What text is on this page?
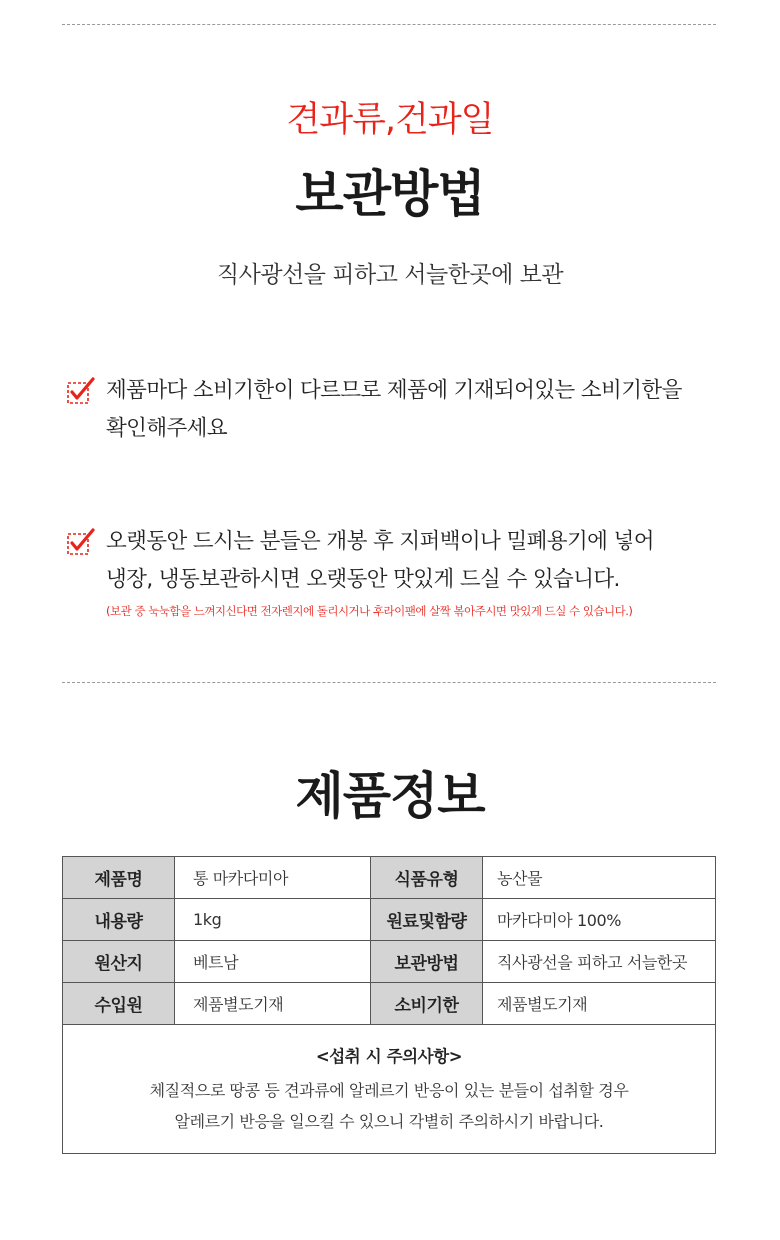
견과류,건과일
보관방법
직사광선을 피하고 서늘한곳에 보관

제품마다 소비기한이 다르므로 제품에 기재되어있는 소비기한을

확인해주세요

오랫동안 드시는 분들은 개봉 후 지퍼백이나 밀폐용기에 넣어

냉장, 냉동보관하시면 오랫동안 맛있게 드실 수 있습니다.

(보관 중 눅눅함을 느껴지신다면 전자렌지에 돌리시거나 후라이팬에 살짝 볶아주시면 맛있게 드실 수 있습니다.)
제품정보
제품명	통 마카다미아	식품유형	농산물
내용량	1kg	원료및함량	마카다미아 100%
원산지	베트남	보관방법	직사광선을 피하고 서늘한곳
수입원	제품별도기재	소비기한	제품별도기재
<섭취 시 주의사항>
체질적으로 땅콩 등 견과류에 알레르기 반응이 있는 분들이 섭취할 경우
알레르기 반응을 일으킬 수 있으니 각별히 주의하시기 바랍니다.
